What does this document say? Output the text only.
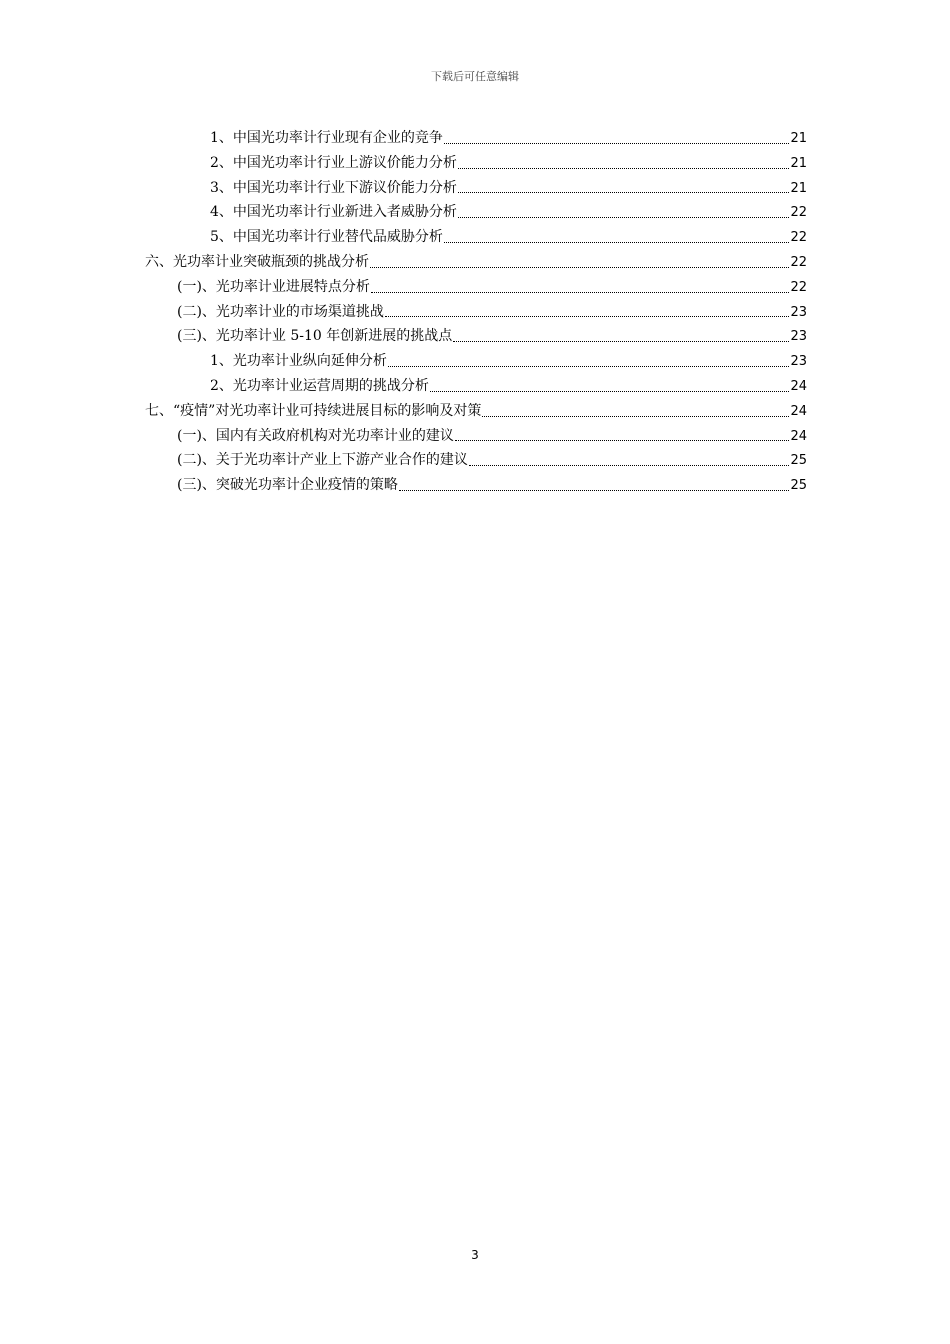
下载后可任意编辑
1、中国光功率计行业现有企业的竞争	21
2、中国光功率计行业上游议价能力分析	21
3、中国光功率计行业下游议价能力分析	21
4、中国光功率计行业新进入者威胁分析	22
5、中国光功率计行业替代品威胁分析	22
六、光功率计业突破瓶颈的挑战分析	22
(一)、光功率计业进展特点分析	22
(二)、光功率计业的市场渠道挑战	23
(三)、光功率计业 5-10 年创新进展的挑战点	23
1、光功率计业纵向延伸分析	23
2、光功率计业运营周期的挑战分析	24
七、“疫情”对光功率计业可持续进展目标的影响及对策	24
(一)、国内有关政府机构对光功率计业的建议	24
(二)、关于光功率计产业上下游产业合作的建议	25
(三)、突破光功率计企业疫情的策略	25
3
